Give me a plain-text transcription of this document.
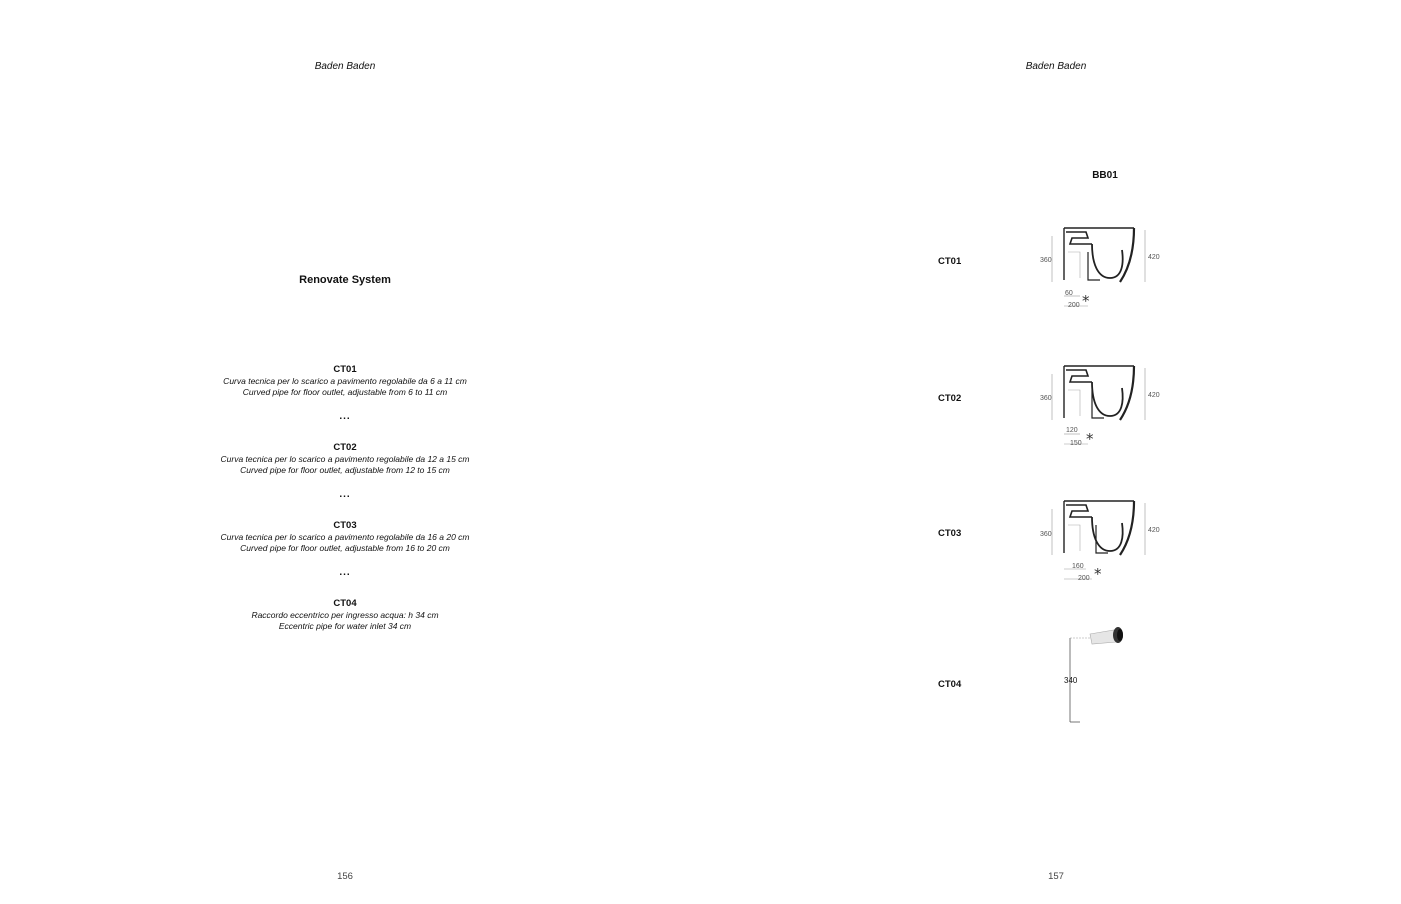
Baden Baden
Renovate System
CT01
Curva tecnica per lo scarico a pavimento regolabile da 6 a 11 cm
Curved pipe for floor outlet, adjustable from 6 to 11 cm
...
CT02
Curva tecnica per lo scarico a pavimento regolabile da 12 a 15 cm
Curved pipe for floor outlet, adjustable from 12 to 15 cm
...
CT03
Curva tecnica per lo scarico a pavimento regolabile da 16 a 20 cm
Curved pipe for floor outlet, adjustable from 16 to 20 cm
...
CT04
Raccordo eccentrico per ingresso acqua: h 34 cm
Eccentric pipe for water inlet 34 cm
156
Baden Baden
BB01
CT01
CT02
CT03
CT04
360	420
60
200 *
360	420
120
150 *
360
420
160
200 *
340
157
